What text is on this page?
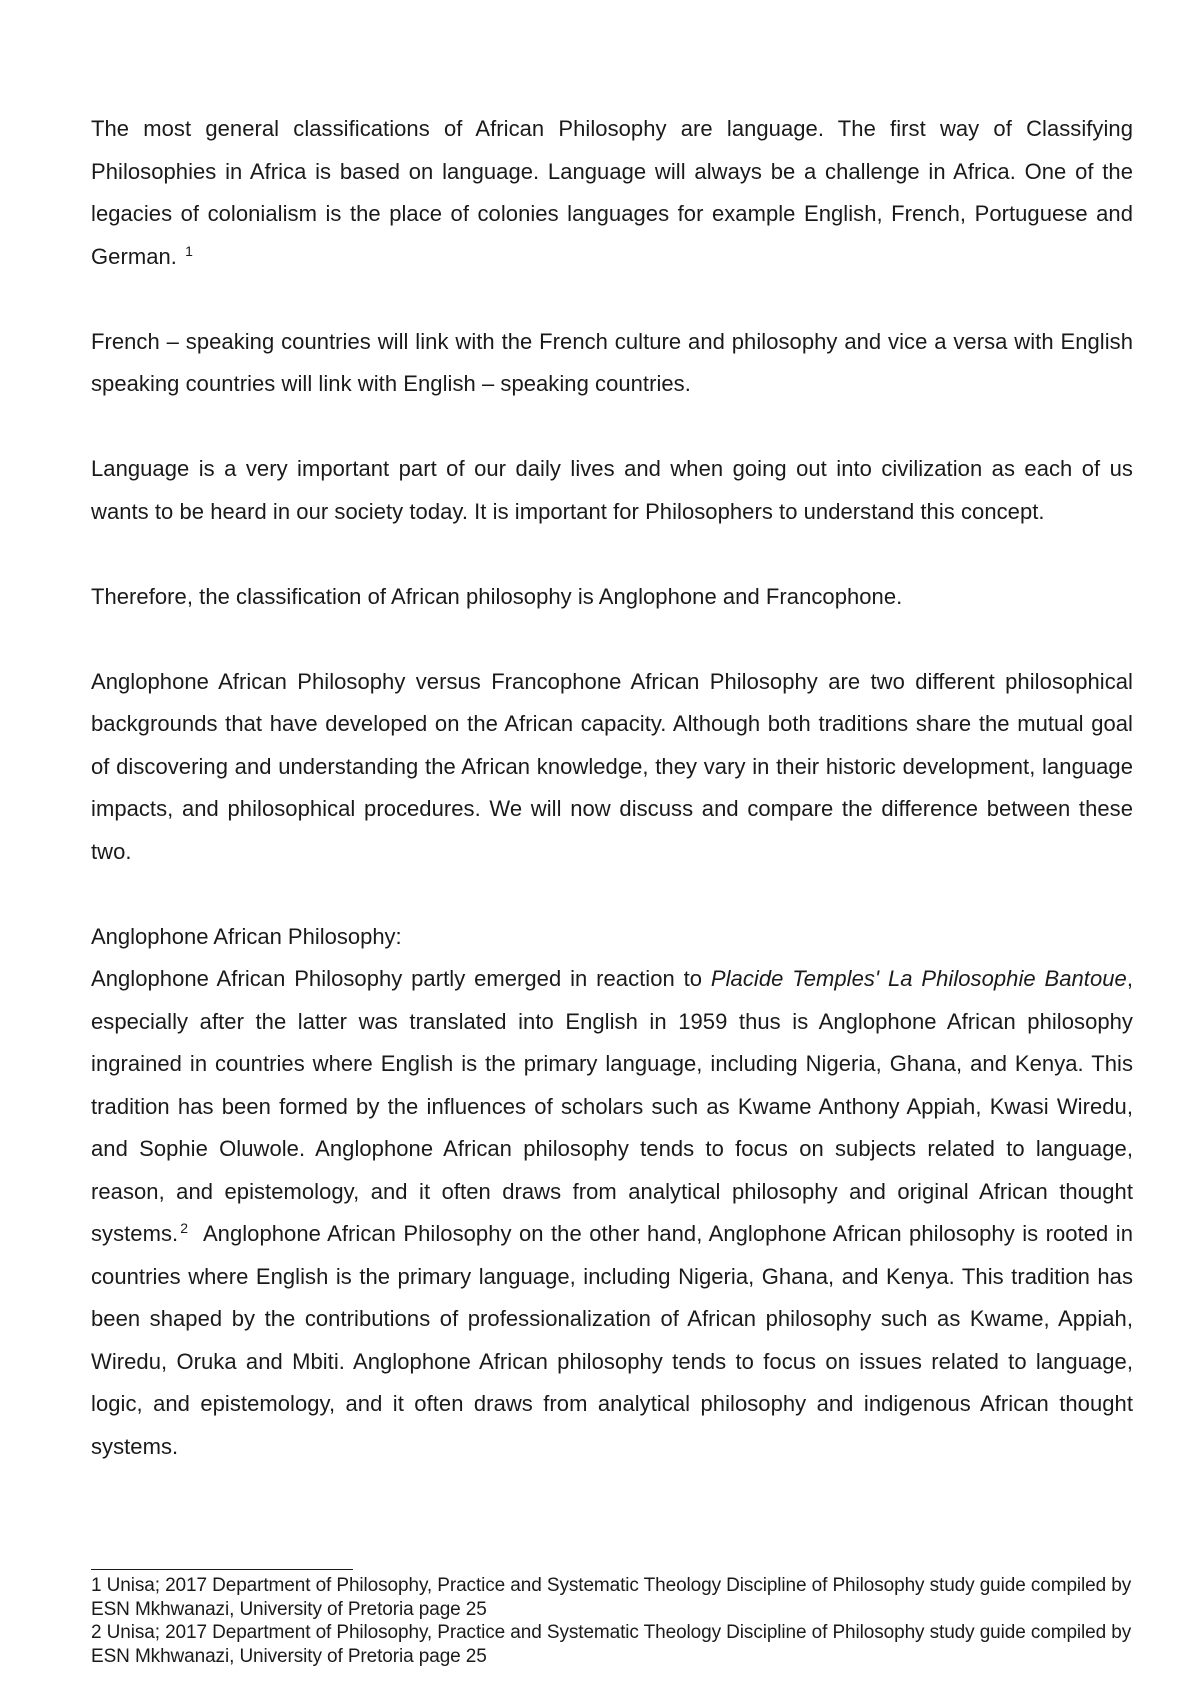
The most general classifications of African Philosophy are language. The first way of Classifying Philosophies in Africa is based on language. Language will always be a challenge in Africa. One of the legacies of colonialism is the place of colonies languages for example English, French, Portuguese and German. $^1$

French – speaking countries will link with the French culture and philosophy and vice a versa with English speaking countries will link with English – speaking countries.

Language is a very important part of our daily lives and when going out into civilization as each of us wants to be heard in our society today. It is important for Philosophers to understand this concept.

Therefore, the classification of African philosophy is Anglophone and Francophone.

Anglophone African Philosophy versus Francophone African Philosophy are two different philosophical backgrounds that have developed on the African capacity. Although both traditions share the mutual goal of discovering and understanding the African knowledge, they vary in their historic development, language impacts, and philosophical procedures. We will now discuss and compare the difference between these two.

Anglophone African Philosophy:

Anglophone African Philosophy partly emerged in reaction to Placide Temples' La Philosophie Bantoue, especially after the latter was translated into English in 1959 thus is Anglophone African philosophy ingrained in countries where English is the primary language, including Nigeria, Ghana, and Kenya. This tradition has been formed by the influences of scholars such as Kwame Anthony Appiah, Kwasi Wiredu, and Sophie Oluwole. Anglophone African philosophy tends to focus on subjects related to language, reason, and epistemology, and it often draws from analytical philosophy and original African thought systems. $^2$ Anglophone African Philosophy on the other hand, Anglophone African philosophy is rooted in countries where English is the primary language, including Nigeria, Ghana, and Kenya. This tradition has been shaped by the contributions of professionalization of African philosophy such as Kwame, Appiah, Wiredu, Oruka and Mbiti. Anglophone African philosophy tends to focus on issues related to language, logic, and epistemology, and it often draws from analytical philosophy and indigenous African thought systems.

1 Unisa; 2017 Department of Philosophy, Practice and Systematic Theology Discipline of Philosophy study guide compiled by ESN Mkhwanazi, University of Pretoria page 25

2 Unisa; 2017 Department of Philosophy, Practice and Systematic Theology Discipline of Philosophy study guide compiled by ESN Mkhwanazi, University of Pretoria page 25
